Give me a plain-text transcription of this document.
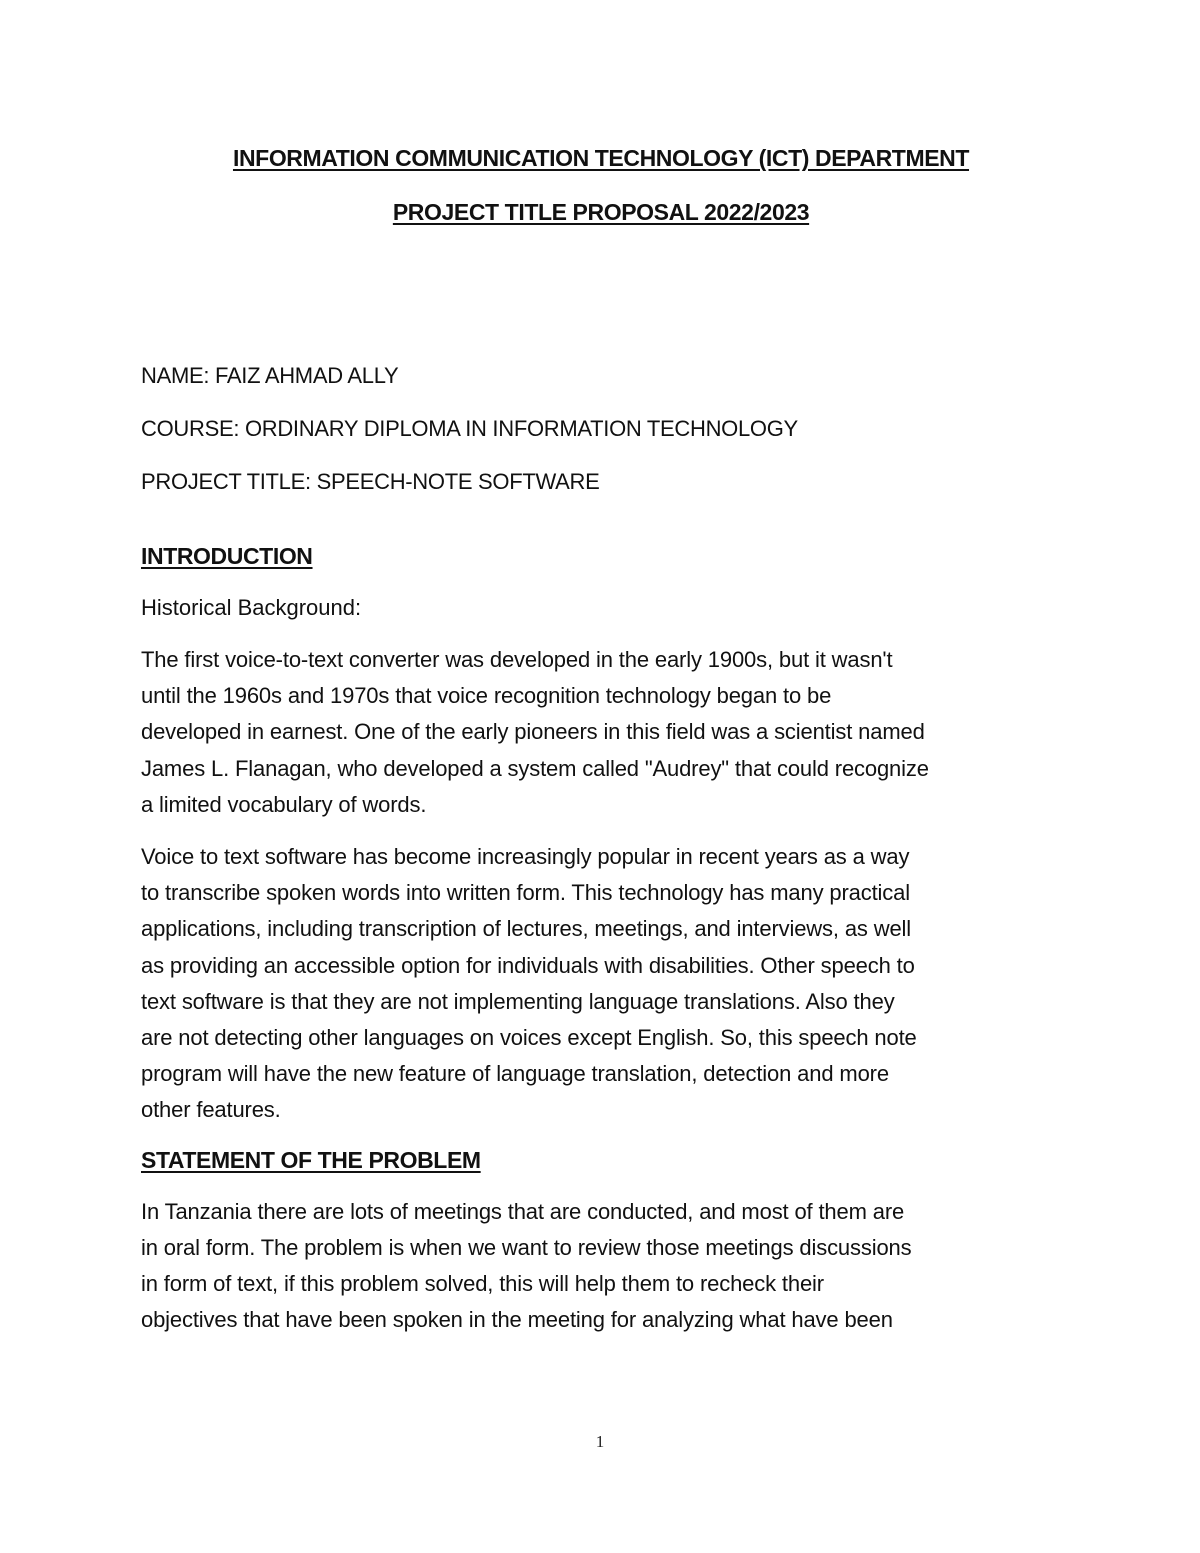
INFORMATION COMMUNICATION TECHNOLOGY (ICT) DEPARTMENT

PROJECT TITLE PROPOSAL 2022/2023

NAME: FAIZ AHMAD ALLY

COURSE: ORDINARY DIPLOMA IN INFORMATION TECHNOLOGY

PROJECT TITLE: SPEECH-NOTE SOFTWARE

INTRODUCTION

Historical Background:

The first voice-to-text converter was developed in the early 1900s, but it wasn't
until the 1960s and 1970s that voice recognition technology began to be
developed in earnest. One of the early pioneers in this field was a scientist named
James L. Flanagan, who developed a system called "Audrey" that could recognize
a limited vocabulary of words.

Voice to text software has become increasingly popular in recent years as a way
to transcribe spoken words into written form. This technology has many practical
applications, including transcription of lectures, meetings, and interviews, as well
as providing an accessible option for individuals with disabilities. Other speech to
text software is that they are not implementing language translations. Also they
are not detecting other languages on voices except English. So, this speech note
program will have the new feature of language translation, detection and more
other features.

STATEMENT OF THE PROBLEM

In Tanzania there are lots of meetings that are conducted, and most of them are
in oral form. The problem is when we want to review those meetings discussions
in form of text, if this problem solved, this will help them to recheck their
objectives that have been spoken in the meeting for analyzing what have been

1
